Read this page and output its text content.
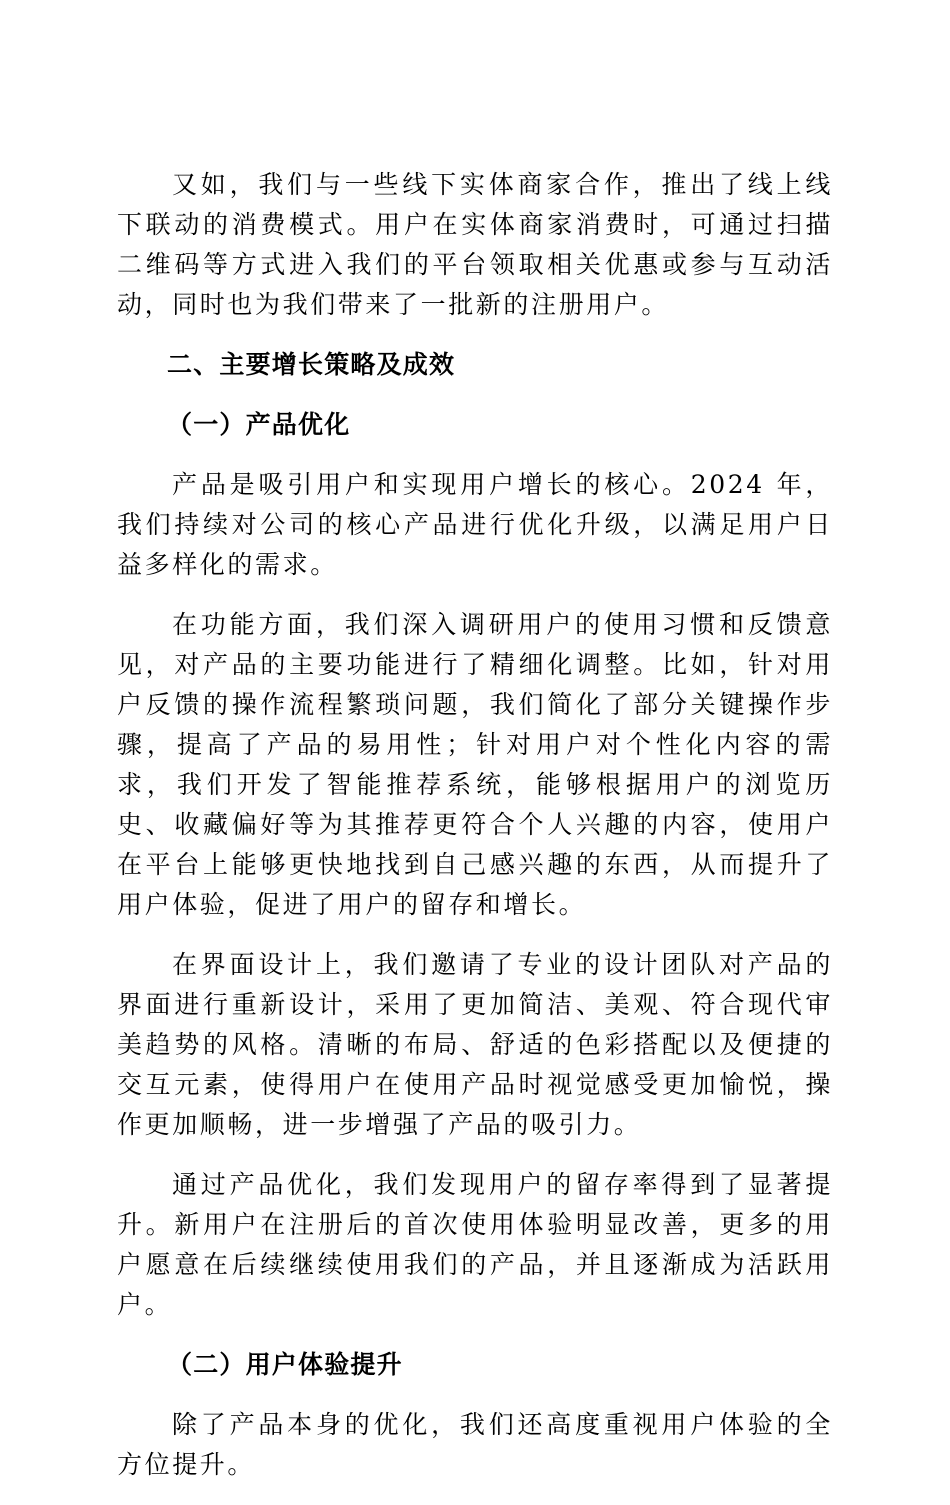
又如，我们与一些线下实体商家合作，推出了线上线下联动的消费模式。用户在实体商家消费时，可通过扫描二维码等方式进入我们的平台领取相关优惠或参与互动活动，同时也为我们带来了一批新的注册用户。

二、主要增长策略及成效

（一）产品优化

产品是吸引用户和实现用户增长的核心。2024 年，我们持续对公司的核心产品进行优化升级，以满足用户日益多样化的需求。

在功能方面，我们深入调研用户的使用习惯和反馈意见，对产品的主要功能进行了精细化调整。比如，针对用户反馈的操作流程繁琐问题，我们简化了部分关键操作步骤，提高了产品的易用性；针对用户对个性化内容的需求，我们开发了智能推荐系统，能够根据用户的浏览历史、收藏偏好等为其推荐更符合个人兴趣的内容，使用户在平台上能够更快地找到自己感兴趣的东西，从而提升了用户体验，促进了用户的留存和增长。

在界面设计上，我们邀请了专业的设计团队对产品的界面进行重新设计，采用了更加简洁、美观、符合现代审美趋势的风格。清晰的布局、舒适的色彩搭配以及便捷的交互元素，使得用户在使用产品时视觉感受更加愉悦，操作更加顺畅，进一步增强了产品的吸引力。

通过产品优化，我们发现用户的留存率得到了显著提升。新用户在注册后的首次使用体验明显改善，更多的用户愿意在后续继续使用我们的产品，并且逐渐成为活跃用户。

（二）用户体验提升

除了产品本身的优化，我们还高度重视用户体验的全方位提升。
